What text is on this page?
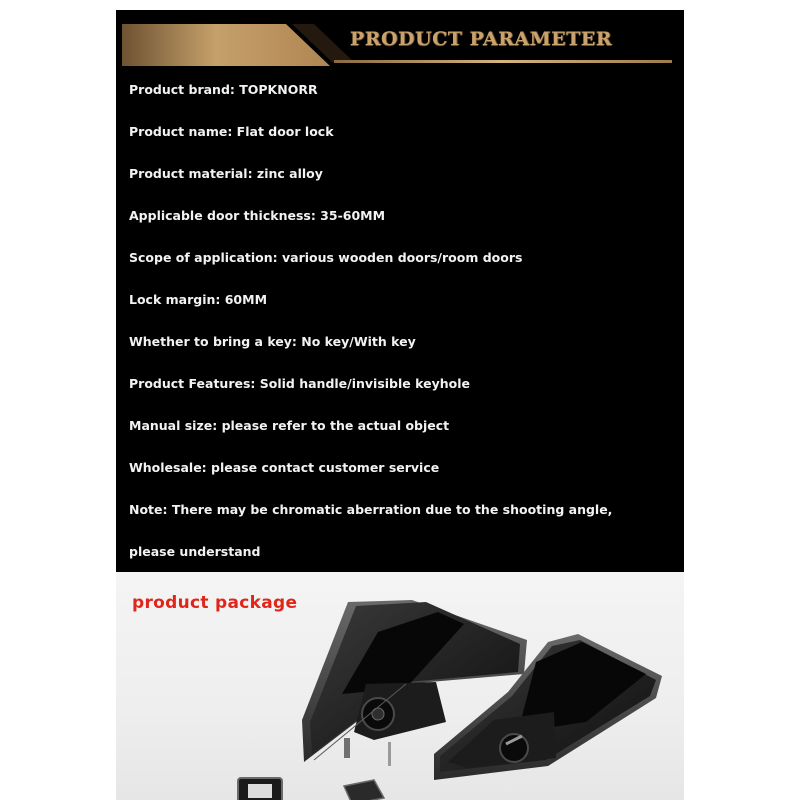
PRODUCT PARAMETER
Product brand: TOPKNORR
Product name: Flat door lock
Product material: zinc alloy
Applicable door thickness: 35-60MM
Scope of application: various wooden doors/room doors
Lock margin: 60MM
Whether to bring a key: No key/With key
Product Features: Solid handle/invisible keyhole
Manual size: please refer to the actual object
Wholesale: please contact customer service
Note: There may be chromatic aberration due to the shooting angle,
please understand
product package
